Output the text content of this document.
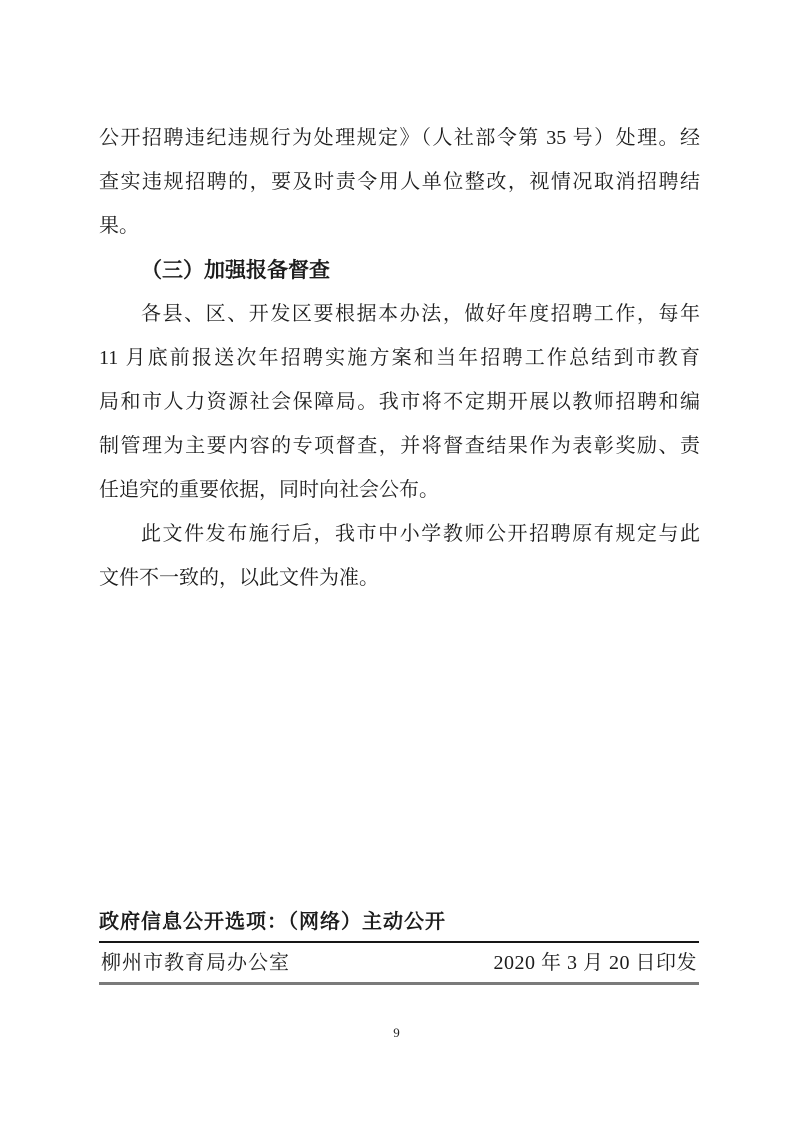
公开招聘违纪违规行为处理规定》（人社部令第 35 号）处理。经
查实违规招聘的，要及时责令用人单位整改，视情况取消招聘结
果。
（三）加强报备督查
各县、区、开发区要根据本办法，做好年度招聘工作，每年
11 月底前报送次年招聘实施方案和当年招聘工作总结到市教育
局和市人力资源社会保障局。我市将不定期开展以教师招聘和编
制管理为主要内容的专项督查，并将督查结果作为表彰奖励、责
任追究的重要依据，同时向社会公布。
此文件发布施行后，我市中小学教师公开招聘原有规定与此
文件不一致的，以此文件为准。
政府信息公开选项：（网络）主动公开
柳州市教育局办公室	2020 年 3 月 20 日印发
9
